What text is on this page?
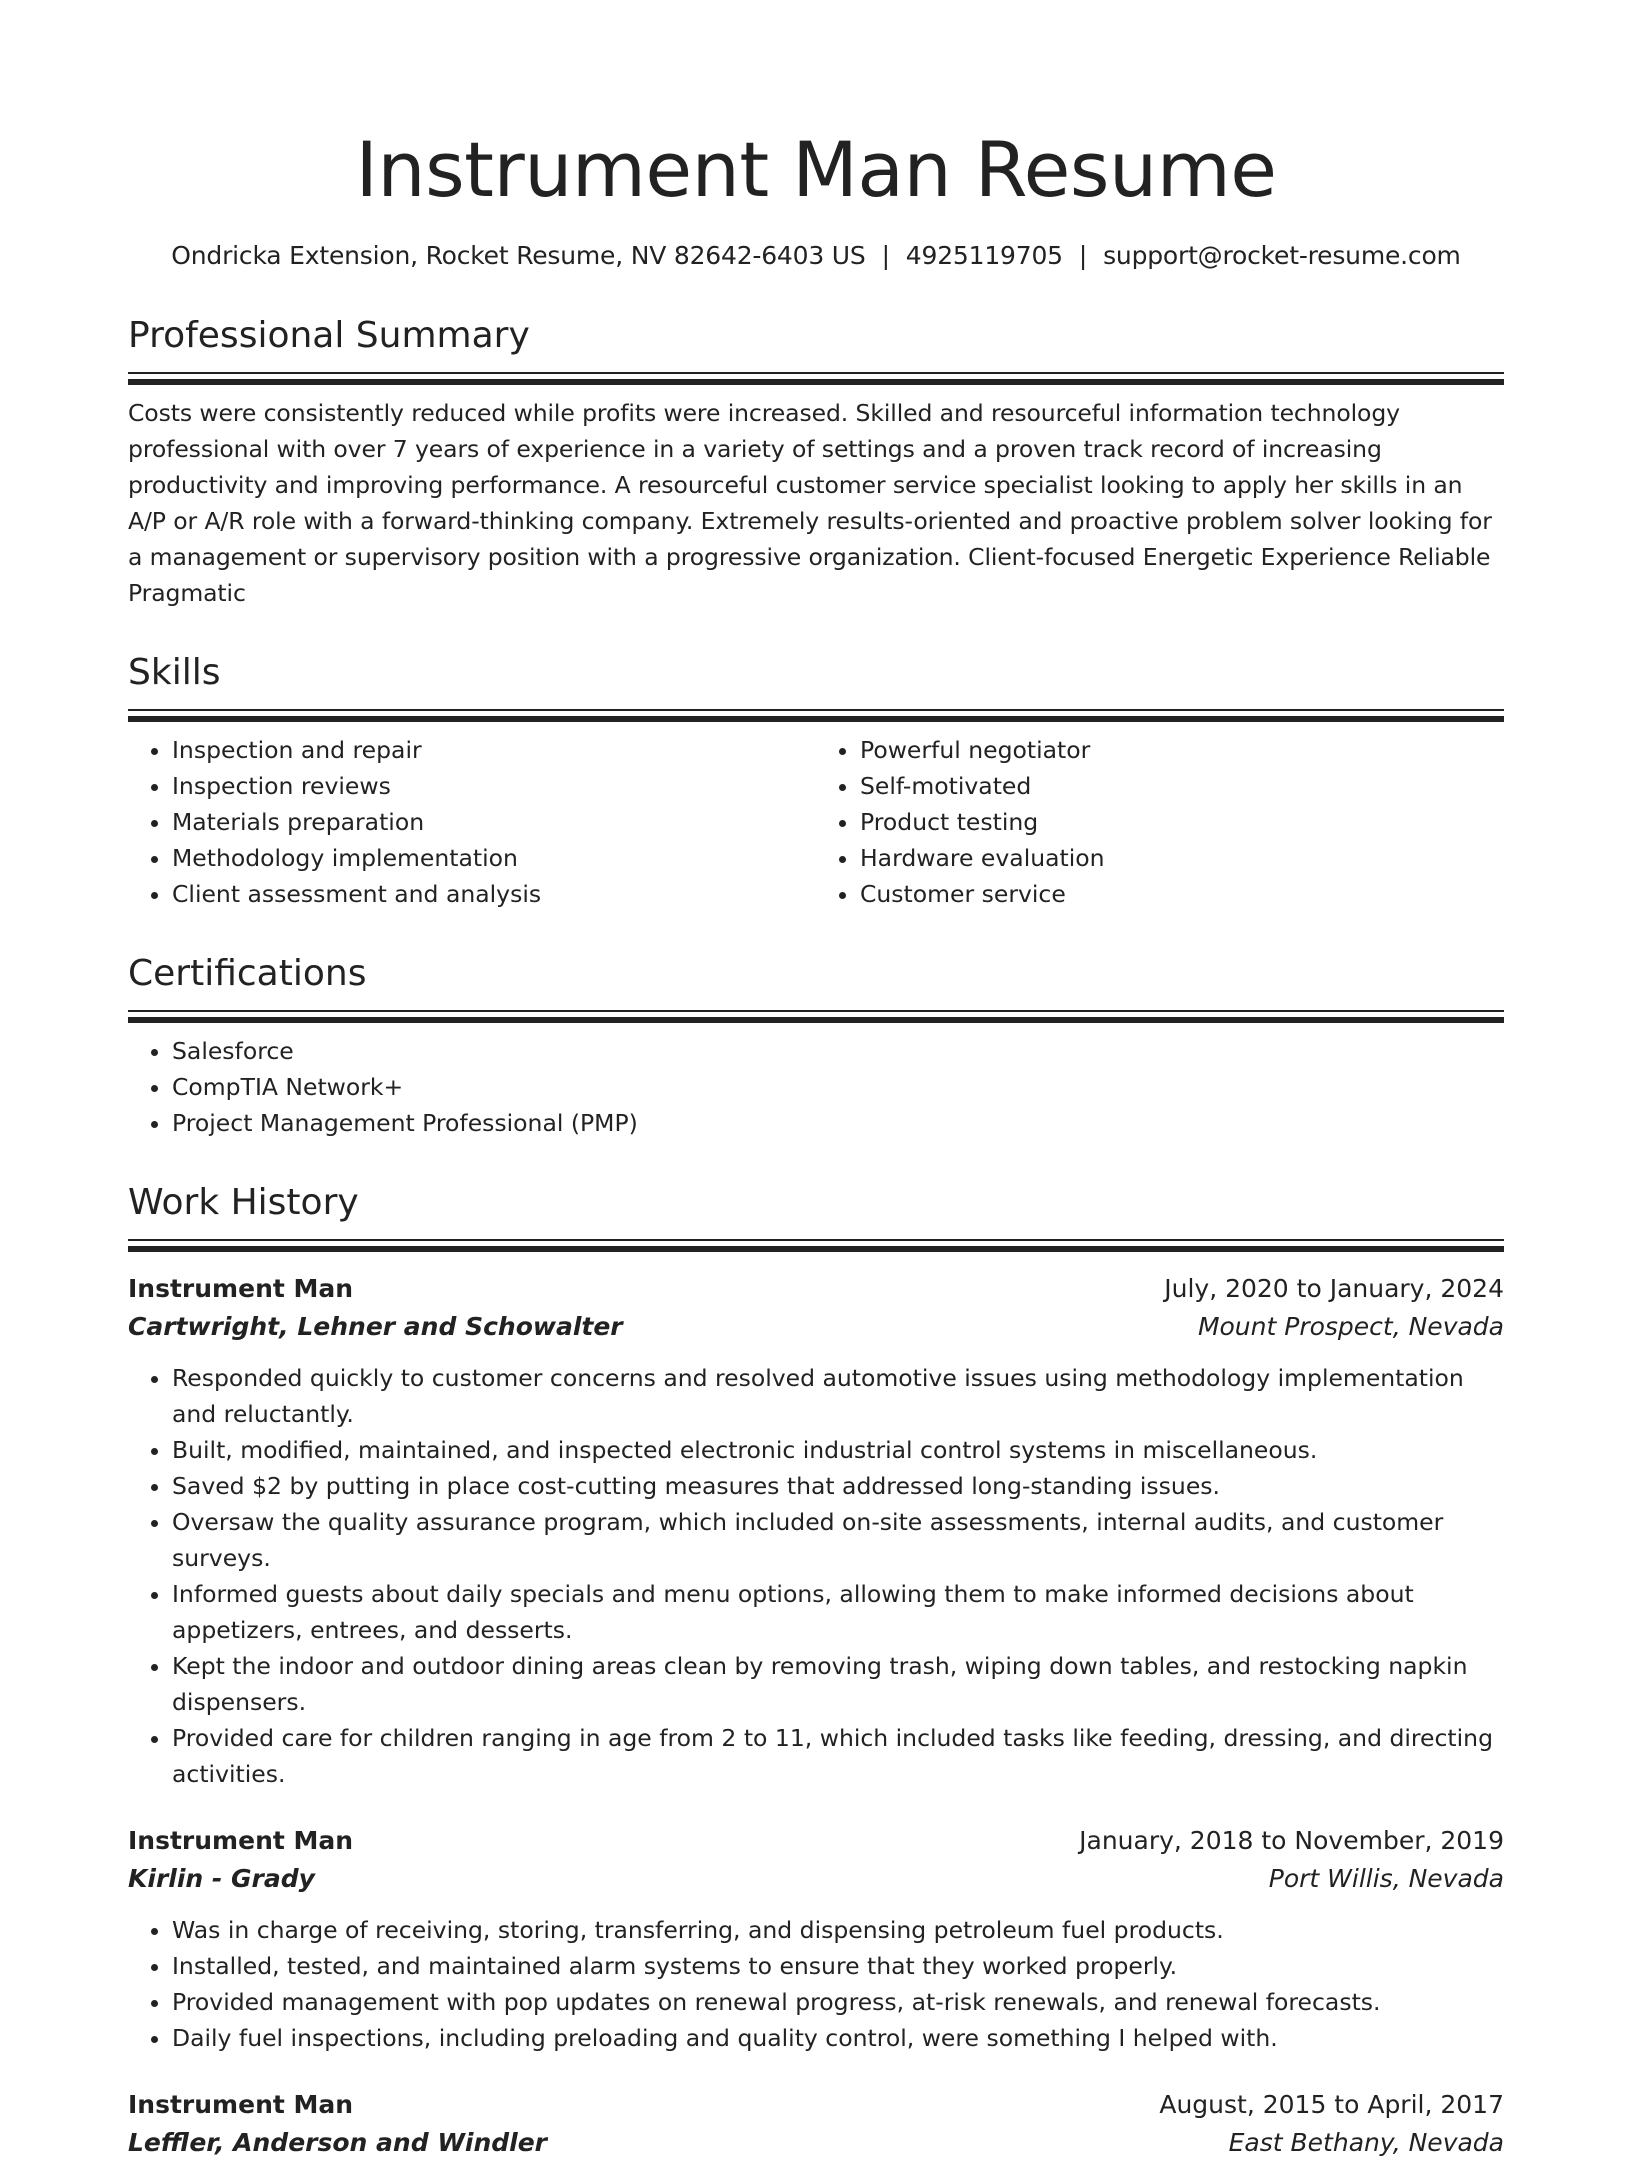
Instrument Man Resume
Ondricka Extension, Rocket Resume, NV 82642-6403 US | 4925119705 | support@rocket-resume.com
Professional Summary
Costs were consistently reduced while profits were increased. Skilled and resourceful information technology professional with over 7 years of experience in a variety of settings and a proven track record of increasing productivity and improving performance. A resourceful customer service specialist looking to apply her skills in an A/P or A/R role with a forward-thinking company. Extremely results-oriented and proactive problem solver looking for a management or supervisory position with a progressive organization. Client-focused Energetic Experience Reliable Pragmatic
Skills
• Inspection and repair
• Inspection reviews
• Materials preparation
• Methodology implementation
• Client assessment and analysis
• Powerful negotiator
• Self-motivated
• Product testing
• Hardware evaluation
• Customer service
Certifications
• Salesforce
• CompTIA Network+
• Project Management Professional (PMP)
Work History
Instrument Man	July, 2020 to January, 2024
Cartwright, Lehner and Schowalter	Mount Prospect, Nevada
• Responded quickly to customer concerns and resolved automotive issues using methodology implementation and reluctantly.
• Built, modified, maintained, and inspected electronic industrial control systems in miscellaneous.
• Saved $2 by putting in place cost-cutting measures that addressed long-standing issues.
• Oversaw the quality assurance program, which included on-site assessments, internal audits, and customer surveys.
• Informed guests about daily specials and menu options, allowing them to make informed decisions about appetizers, entrees, and desserts.
• Kept the indoor and outdoor dining areas clean by removing trash, wiping down tables, and restocking napkin dispensers.
• Provided care for children ranging in age from 2 to 11, which included tasks like feeding, dressing, and directing activities.
Instrument Man	January, 2018 to November, 2019
Kirlin - Grady	Port Willis, Nevada
• Was in charge of receiving, storing, transferring, and dispensing petroleum fuel products.
• Installed, tested, and maintained alarm systems to ensure that they worked properly.
• Provided management with pop updates on renewal progress, at-risk renewals, and renewal forecasts.
• Daily fuel inspections, including preloading and quality control, were something I helped with.
Instrument Man	August, 2015 to April, 2017
Leffler, Anderson and Windler	East Bethany, Nevada
